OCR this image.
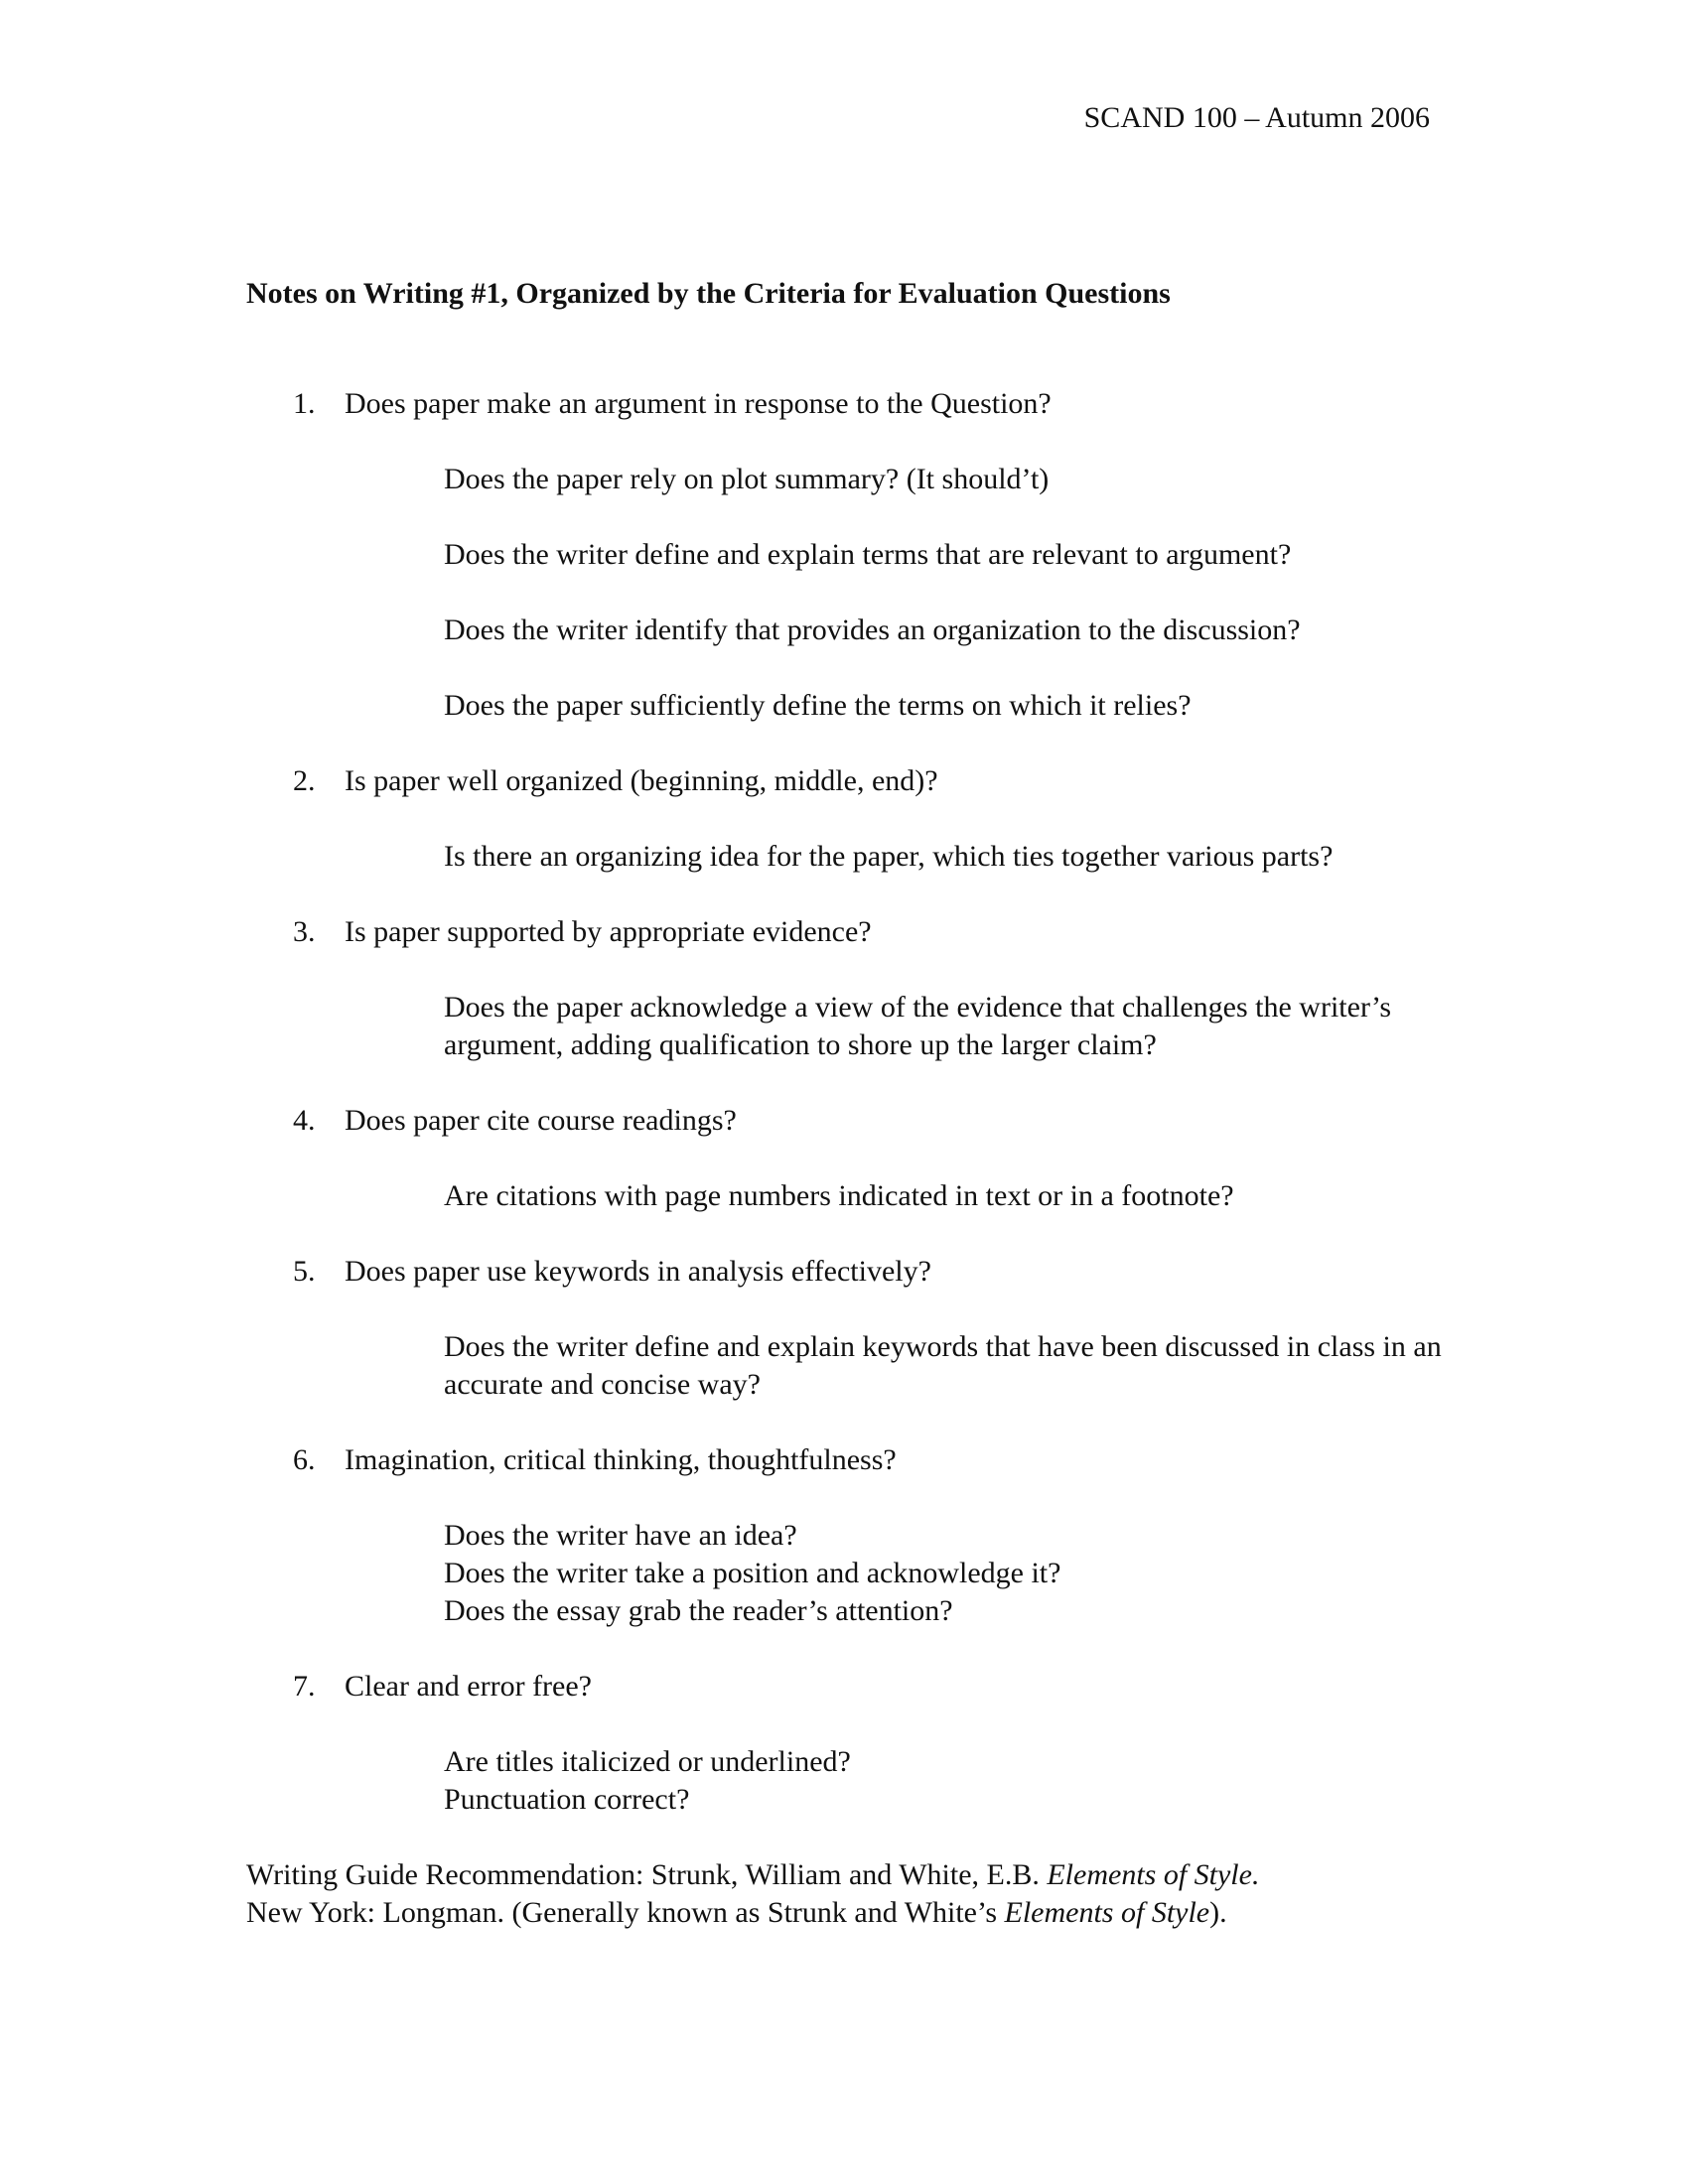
SCAND 100 – Autumn 2006
Notes on Writing #1, Organized by the Criteria for Evaluation Questions
1. Does paper make an argument in response to the Question?
Does the paper rely on plot summary? (It should’t)
Does the writer define and explain terms that are relevant to argument?
Does the writer identify that provides an organization to the discussion?
Does the paper sufficiently define the terms on which it relies?
2. Is paper well organized (beginning, middle, end)?
Is there an organizing idea for the paper, which ties together various parts?
3. Is paper supported by appropriate evidence?
Does the paper acknowledge a view of the evidence that challenges the writer’s argument, adding qualification to shore up the larger claim?
4. Does paper cite course readings?
Are citations with page numbers indicated in text or in a footnote?
5. Does paper use keywords in analysis effectively?
Does the writer define and explain keywords that have been discussed in class in an accurate and concise way?
6. Imagination, critical thinking, thoughtfulness?
Does the writer have an idea?
Does the writer take a position and acknowledge it?
Does the essay grab the reader’s attention?
7. Clear and error free?
Are titles italicized or underlined?
Punctuation correct?
Writing Guide Recommendation: Strunk, William and White, E.B. Elements of Style.
New York: Longman. (Generally known as Strunk and White’s Elements of Style).
